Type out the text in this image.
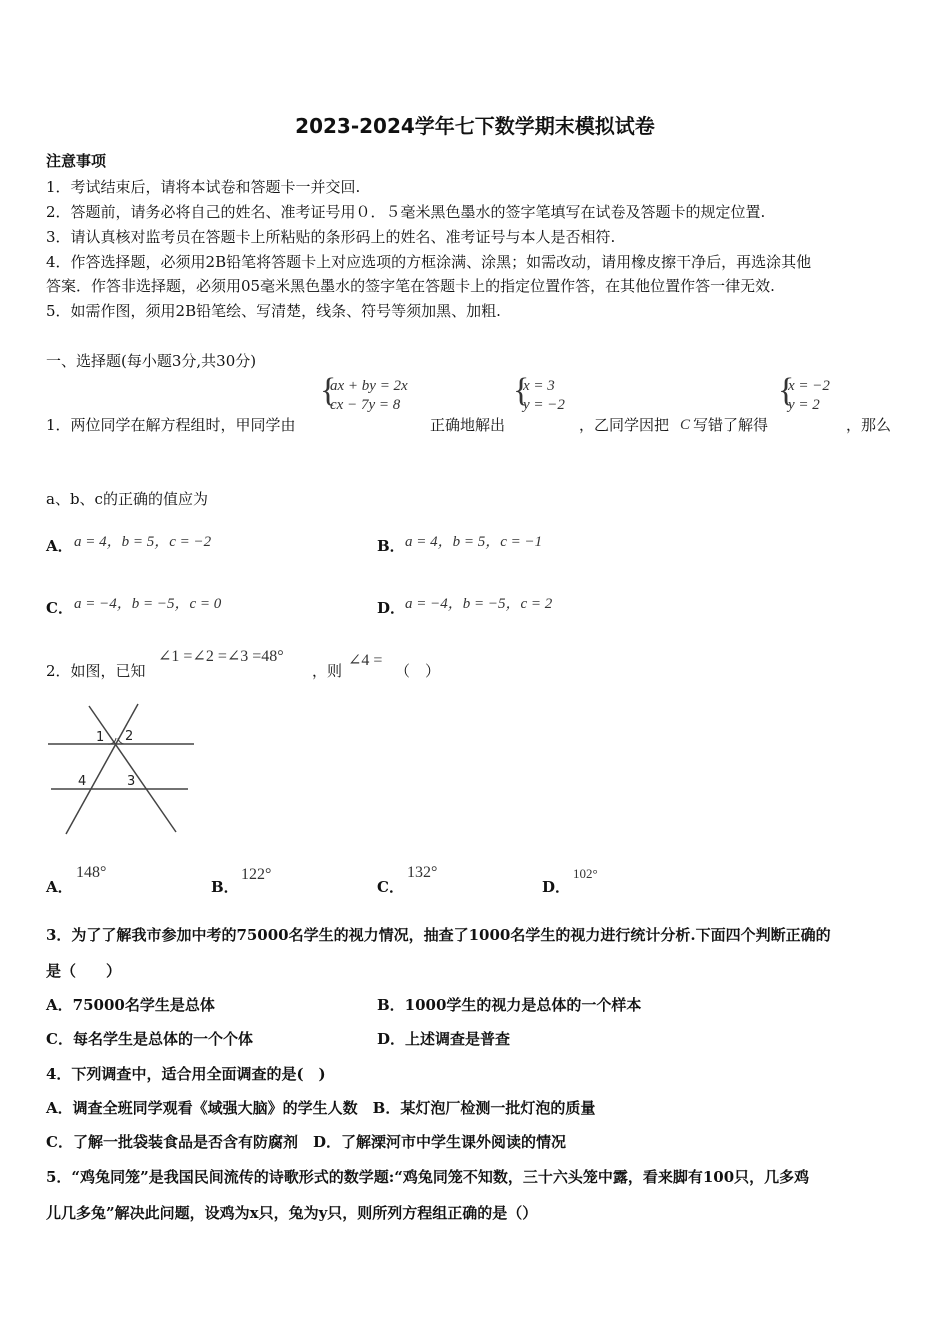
2023-2024学年七下数学期末模拟试卷
注意事项
1．考试结束后，请将本试卷和答题卡一并交回.
2．答题前，请务必将自己的姓名、准考证号用０．５毫米黑色墨水的签字笔填写在试卷及答题卡的规定位置.
3．请认真核对监考员在答题卡上所粘贴的条形码上的姓名、准考证号与本人是否相符.
4．作答选择题，必须用2B铅笔将答题卡上对应选项的方框涂满、涂黑；如需改动，请用橡皮擦干净后，再选涂其他
答案．作答非选择题，必须用05毫米黑色墨水的签字笔在答题卡上的指定位置作答，在其他位置作答一律无效.
5．如需作图，须用2B铅笔绘、写清楚，线条、符号等须加黑、加粗.
一、选择题(每小题3分,共30分)
1．两位同学在解方程组时，甲同学由
{
ax + by = 2x
cx − 7y = 8
正确地解出
{
x = 3
y = −2
，乙同学因把 C 写错了解得
{
x = −2
y = 2
，那么
a、b、c的正确的值应为
A． a = 4，b = 5，c = −2	B． a = 4，b = 5，c = −1
C． a = −4，b = −5，c = 0	D． a = −4，b = −5，c = 2
2．如图，已知
∠1 =∠2 =∠3 =48°
，则
∠4 =
（　）
1 2
3
4
A．
148°
B．
122°
C．
132°
D．
102°
3．为了了解我市参加中考的75000名学生的视力情况，抽查了1000名学生的视力进行统计分析.下面四个判断正确的
是（　　）
A．75000名学生是总体	B．1000学生的视力是总体的一个样本
C．每名学生是总体的一个个体	D．上述调查是普查
4．下列调查中，适合用全面调查的是(　)
A．调查全班同学观看《域强大脑》的学生人数　B．某灯泡厂检测一批灯泡的质量
C．了解一批袋装食品是否含有防腐剂　D．了解溧河市中学生课外阅读的情况
5．“鸡兔同笼”是我国民间流传的诗歌形式的数学题:“鸡兔同笼不知数，三十六头笼中露，看来脚有100只，几多鸡
儿几多兔”解决此问题，设鸡为x只，兔为y只，则所列方程组正确的是（）
